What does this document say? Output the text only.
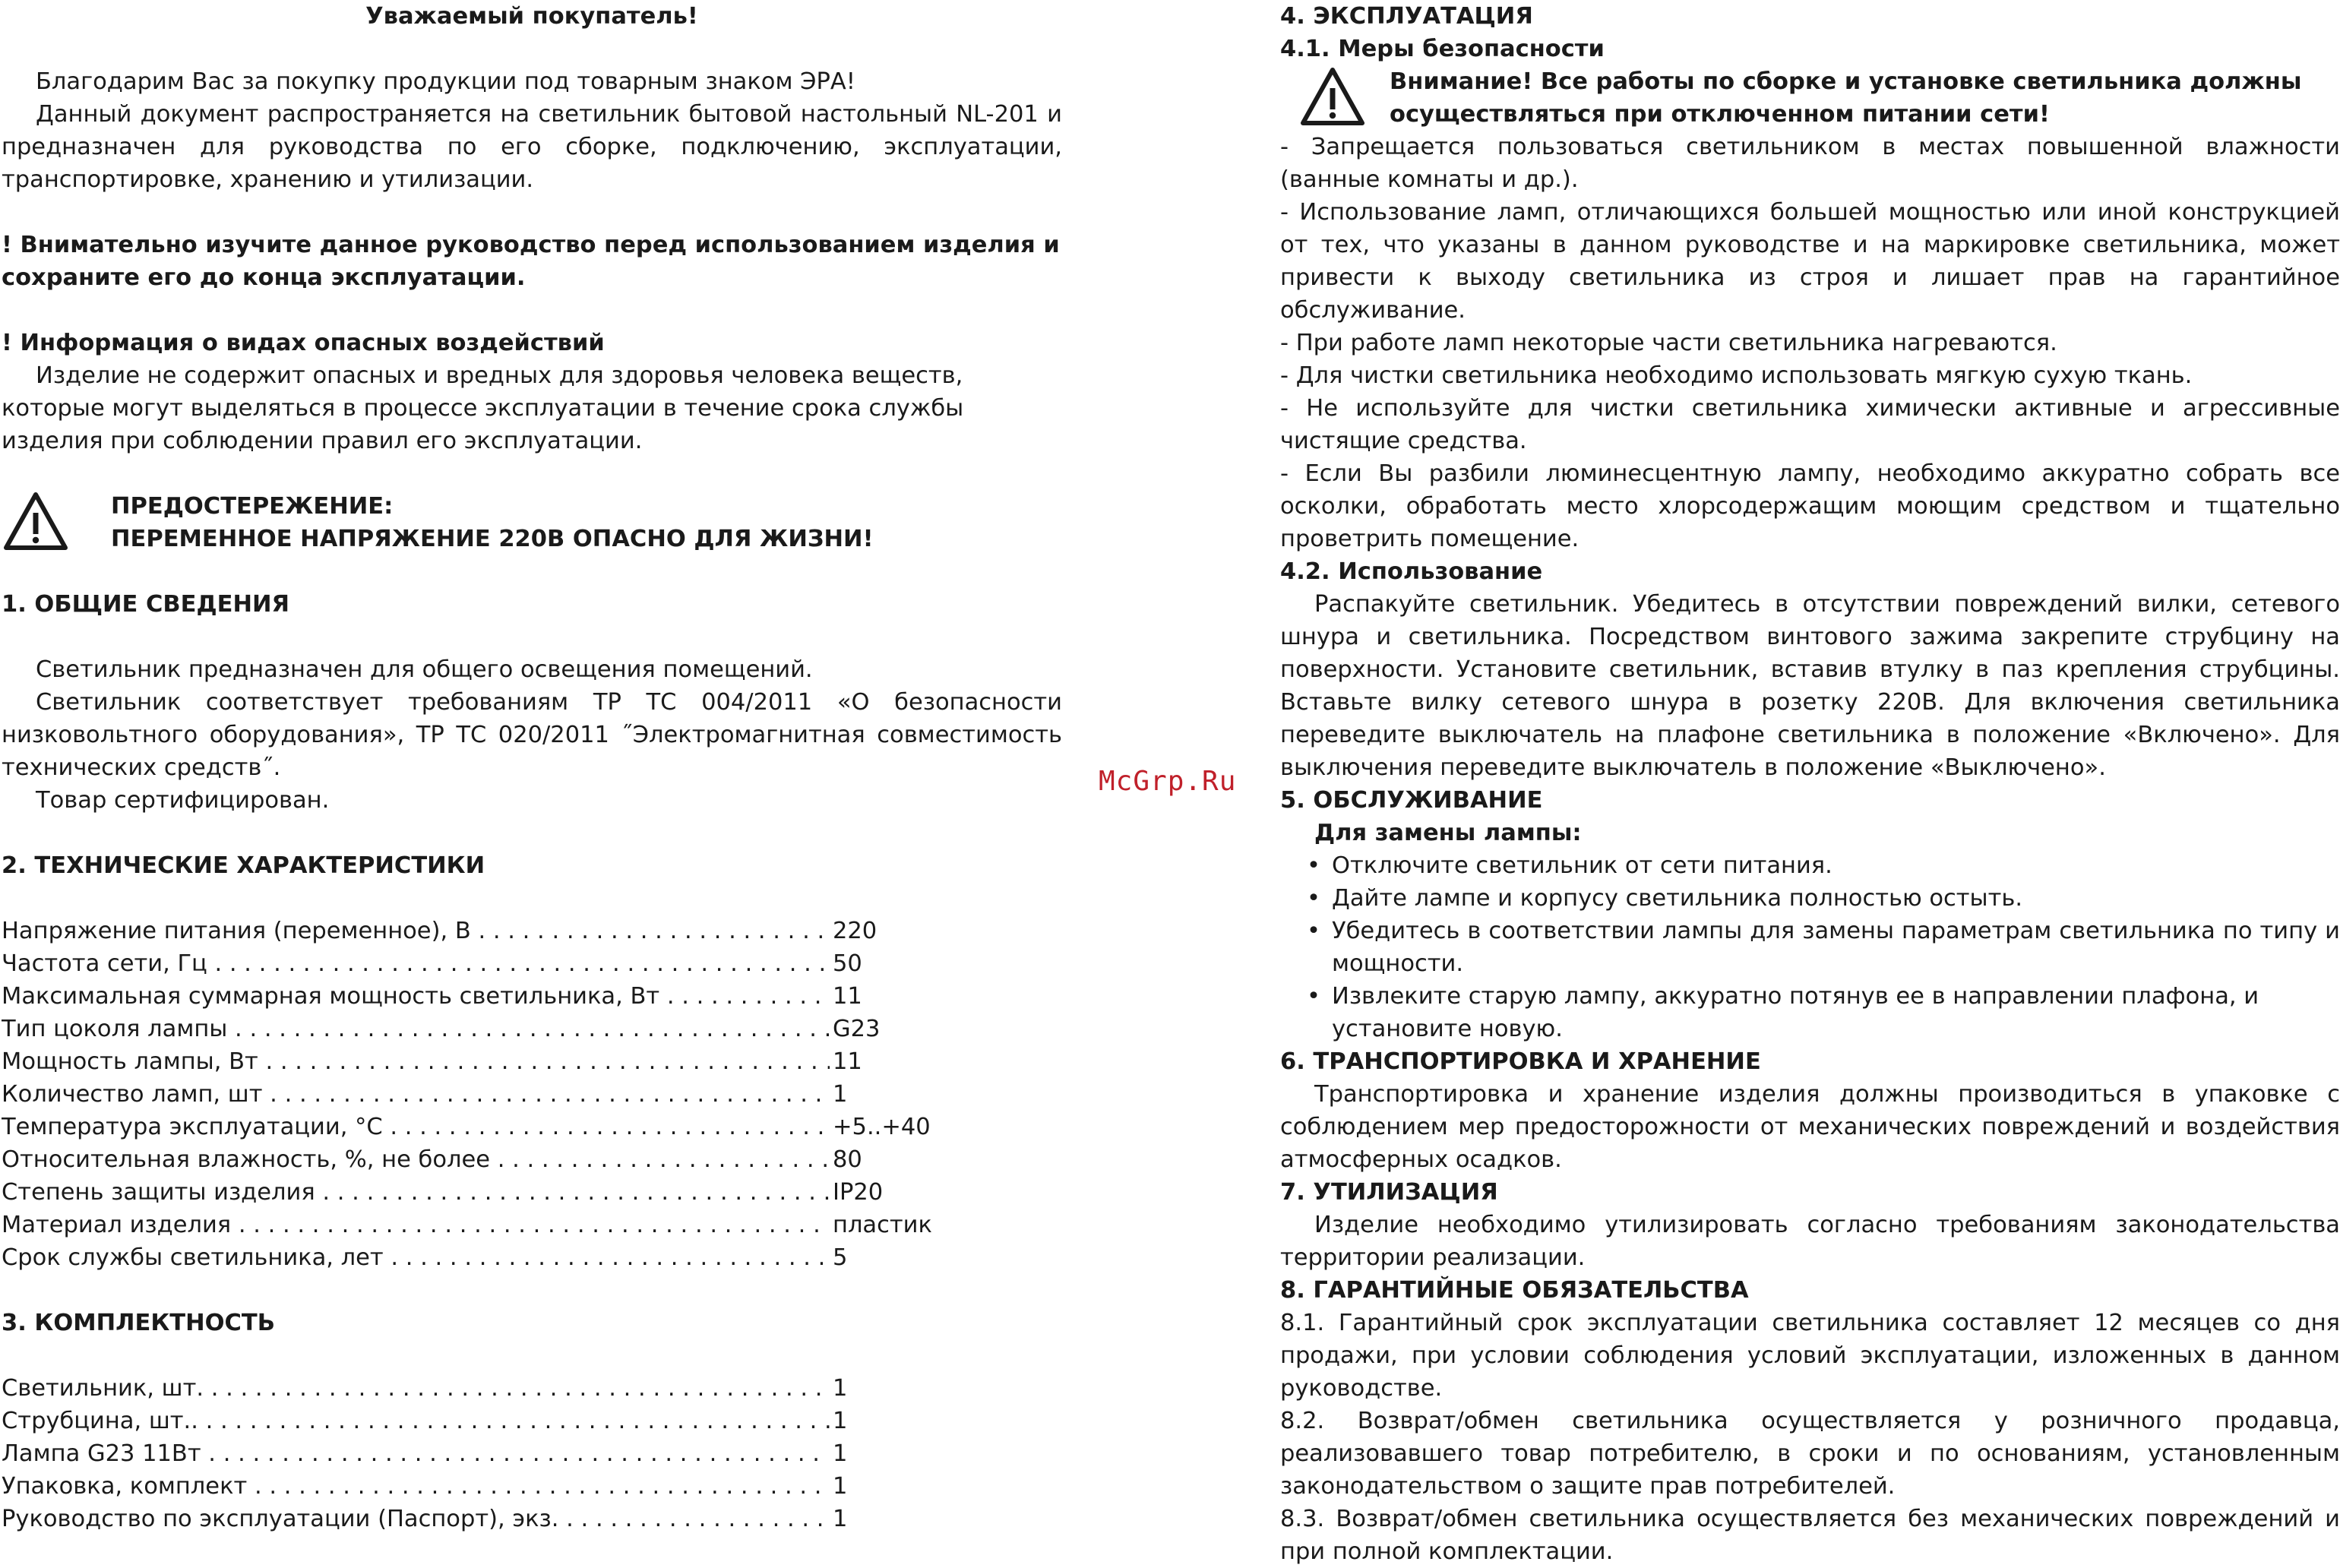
Уважаемый покупатель!

Благодарим Вас за покупку продукции под товарным знаком ЭРА!

Данный документ распространяется на светильник бытовой настольный NL-201 и предназначен для руководства по его сборке, подключению, эксплуатации, транспортировке, хранению и утилизации.

! Внимательно изучите данное руководство перед использованием изделия и сохраните его до конца эксплуатации.

! Информация о видах опасных воздействий

Изделие не содержит опасных и вредных для здоровья человека веществ, которые могут выделяться в процессе эксплуатации в течение срока службы изделия при соблюдении правил его эксплуатации.

ПРЕДОСТЕРЕЖЕНИЕ:

ПЕРЕМЕННОЕ НАПРЯЖЕНИЕ 220В ОПАСНО ДЛЯ ЖИЗНИ!

1. ОБЩИЕ СВЕДЕНИЯ

Светильник предназначен для общего освещения помещений.

Светильник соответствует требованиям ТР ТС 004/2011 «О безопасности низковольтного оборудования», ТР ТС 020/2011 ˝Электромагнитная совместимость технических средств˝.

Товар сертифицирован.

2. ТЕХНИЧЕСКИЕ ХАРАКТЕРИСТИКИ

Напряжение питания (переменное), В . . .	220
Частота сети, Гц . . .	50
Максимальная суммарная мощность светильника, Вт . . .	11
Тип цоколя лампы . . .	G23
Мощность лампы, Вт . . .	11
Количество ламп, шт . . .	1
Температура эксплуатации, °С . . .	+5..+40
Относительная влажность, %, не более . . .	80
Степень защиты изделия . . .	IP20
Материал изделия . . .	пластик
Срок службы светильника, лет . . .	5

3. КОМПЛЕКТНОСТЬ

Светильник, шт. . . .	1
Струбцина, шт.. . . .	1
Лампа G23 11Вт . . .	1
Упаковка, комплект . . .	1
Руководство по эксплуатации (Паспорт), экз. . . .	1
McGrp.Ru

4. ЭКСПЛУАТАЦИЯ

4.1. Меры безопасности

Внимание! Все работы по сборке и установке светильника должны осуществляться при отключенном питании сети!

- Запрещается пользоваться светильником в местах повышенной влажности (ванные комнаты и др.).

- Использование ламп, отличающихся большей мощностью или иной конструкцией от тех, что указаны в данном руководстве и на маркировке светильника, может привести к выходу светильника из строя и лишает прав на гарантийное обслуживание.

- При работе ламп некоторые части светильника нагреваются.

- Для чистки светильника необходимо использовать мягкую сухую ткань.

- Не используйте для чистки светильника химически активные и агрессивные чистящие средства.

- Если Вы разбили люминесцентную лампу, необходимо аккуратно собрать все осколки, обработать место хлорсодержащим моющим средством и тщательно проветрить помещение.

4.2. Использование

Распакуйте светильник. Убедитесь в отсутствии повреждений вилки, сетевого шнура и светильника. Посредством винтового зажима закрепите струбцину на поверхности. Установите светильник, вставив втулку в паз крепления струбцины. Вставьте вилку сетевого шнура в розетку 220В. Для включения светильника переведите выключатель на плафоне светильника в положение «Включено». Для выключения переведите выключатель в положение «Выключено».

5. ОБСЛУЖИВАНИЕ

Для замены лампы:

• Отключите светильник от сети питания.
• Дайте лампе и корпусу светильника полностью остыть.
• Убедитесь в соответствии лампы для замены параметрам светильника по типу и мощности.
• Извлеките старую лампу, аккуратно потянув ее в направлении плафона, и установите новую.

6. ТРАНСПОРТИРОВКА И ХРАНЕНИЕ

Транспортировка и хранение изделия должны производиться в упаковке с соблюдением мер предосторожности от механических повреждений и воздействия атмосферных осадков.

7. УТИЛИЗАЦИЯ

Изделие необходимо утилизировать согласно требованиям законодательства территории реализации.

8. ГАРАНТИЙНЫЕ ОБЯЗАТЕЛЬСТВА

8.1. Гарантийный срок эксплуатации светильника составляет 12 месяцев со дня продажи, при условии соблюдения условий эксплуатации, изложенных в данном руководстве.

8.2. Возврат/обмен светильника осуществляется у розничного продавца, реализовавшего товар потребителю, в сроки и по основаниям, установленным законодательством о защите прав потребителей.

8.3. Возврат/обмен светильника осуществляется без механических повреждений и при полной комплектации.
